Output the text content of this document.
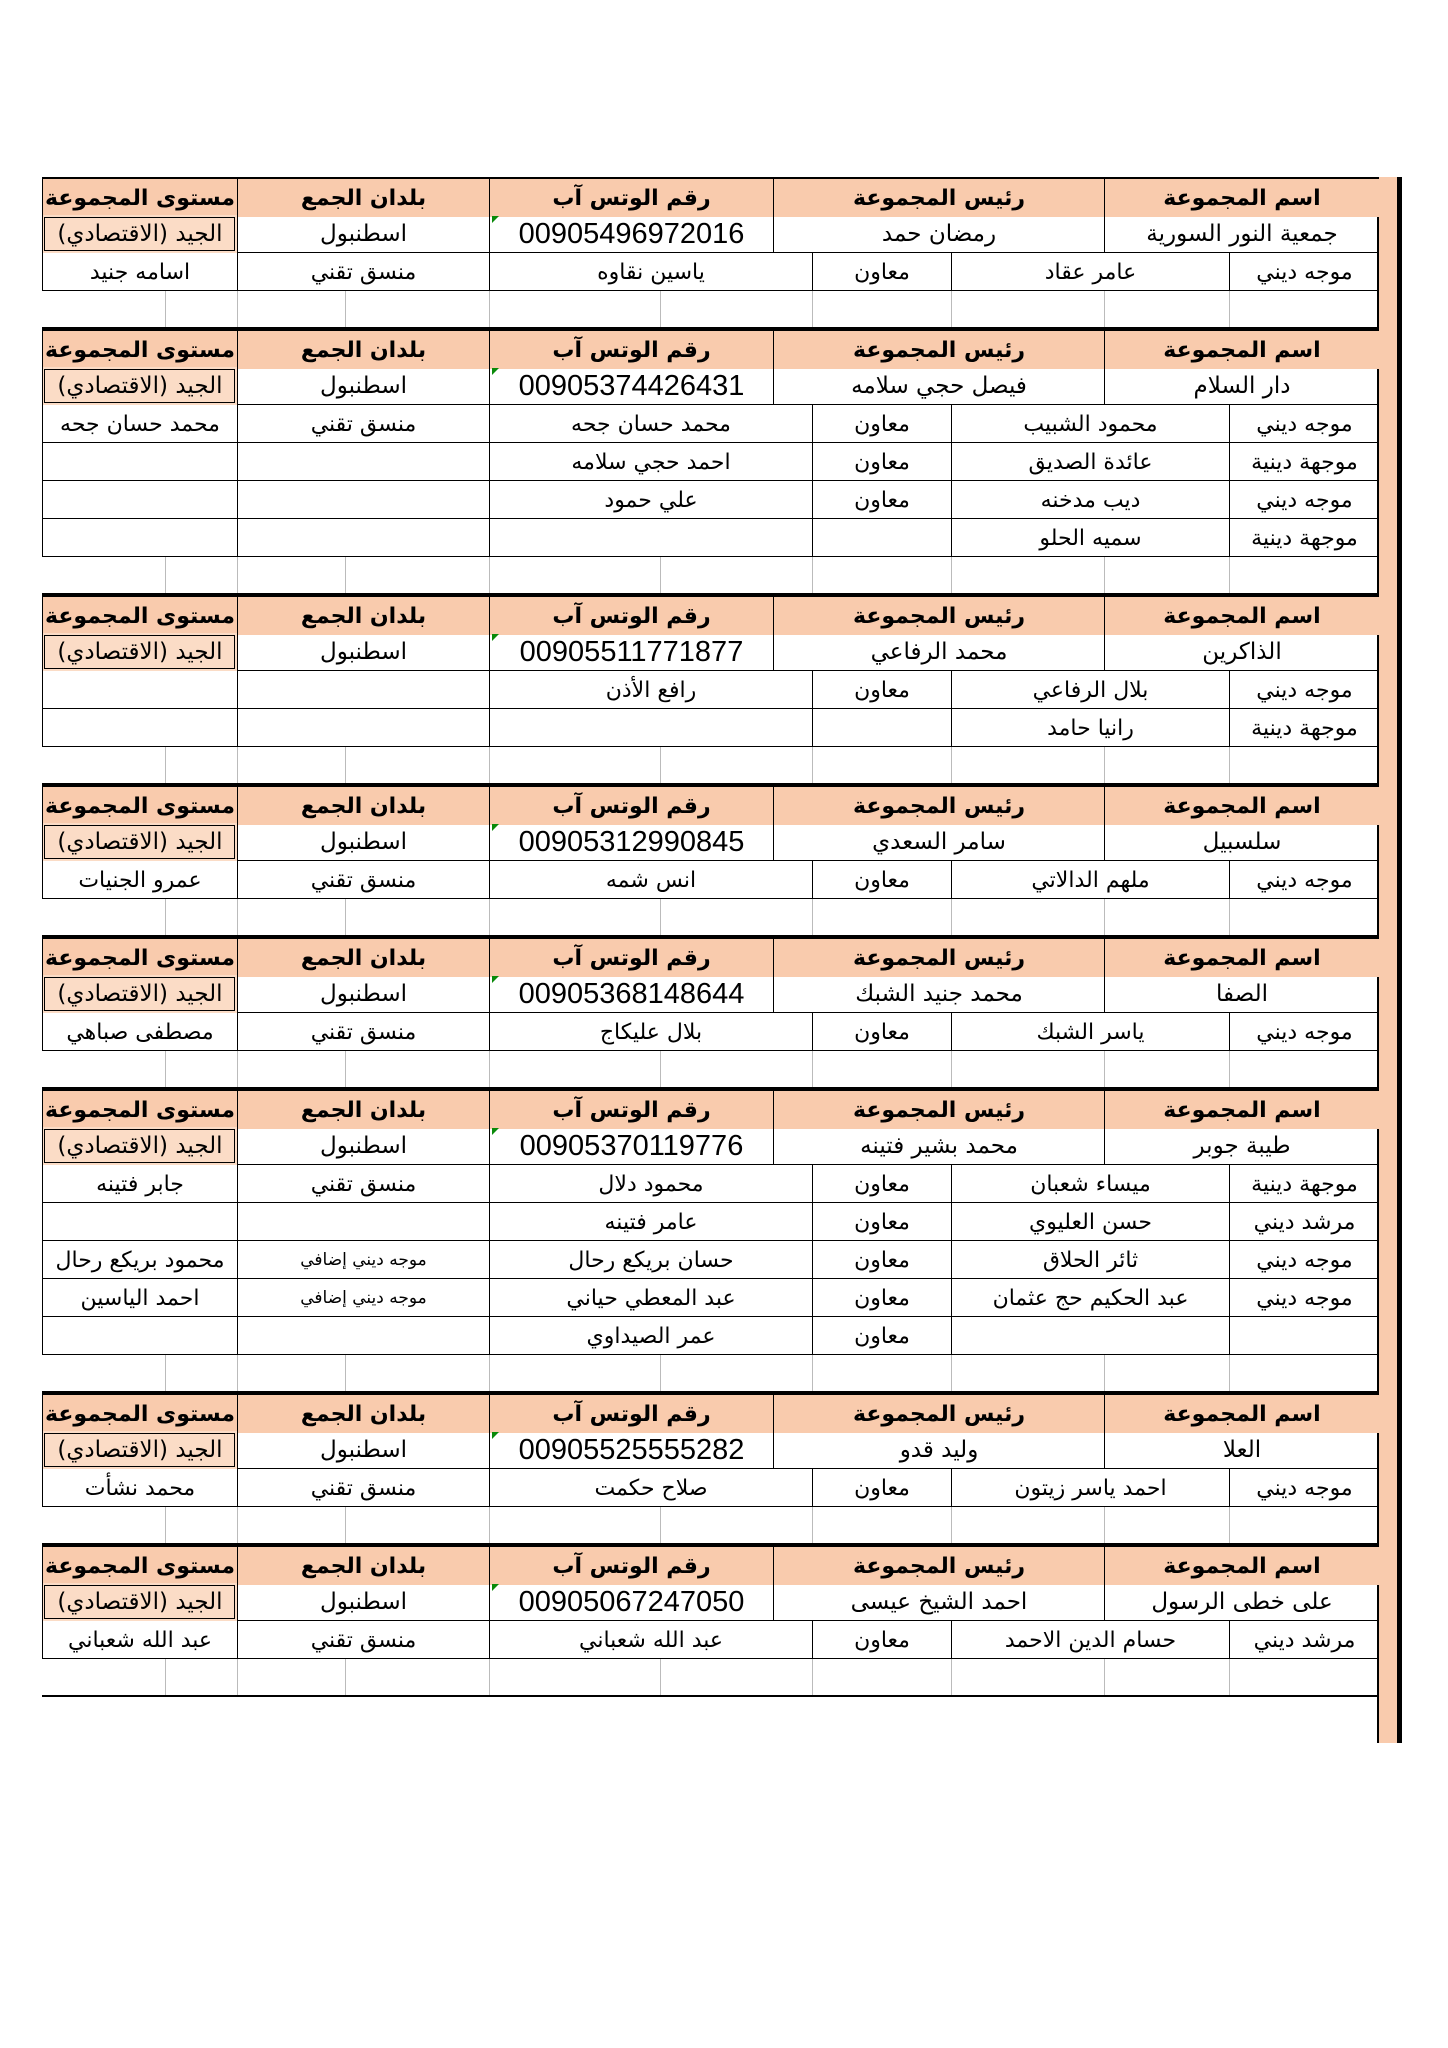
اسم المجموعة
رئيس المجموعة
رقم الوتس آب
بلدان الجمع
مستوى المجموعة
جمعية النور السورية
رمضان حمد
00905496972016
اسطنبول
الجيد (الاقتصادي)
موجه ديني
عامر عقاد
معاون
ياسين نقاوه
منسق تقني
اسامه جنيد
اسم المجموعة
رئيس المجموعة
رقم الوتس آب
بلدان الجمع
مستوى المجموعة
دار السلام
فيصل حجي سلامه
00905374426431
اسطنبول
الجيد (الاقتصادي)
موجه ديني
محمود الشبيب
معاون
محمد حسان جحه
منسق تقني
محمد حسان جحه
موجهة دينية
عائدة الصديق
معاون
احمد حجي سلامه
موجه ديني
ديب مدخنه
معاون
علي حمود
موجهة دينية
سميه الحلو
اسم المجموعة
رئيس المجموعة
رقم الوتس آب
بلدان الجمع
مستوى المجموعة
الذاكرين
محمد الرفاعي
00905511771877
اسطنبول
الجيد (الاقتصادي)
موجه ديني
بلال الرفاعي
معاون
رافع الأذن
موجهة دينية
رانيا حامد
اسم المجموعة
رئيس المجموعة
رقم الوتس آب
بلدان الجمع
مستوى المجموعة
سلسبيل
سامر السعدي
00905312990845
اسطنبول
الجيد (الاقتصادي)
موجه ديني
ملهم الدالاتي
معاون
انس شمه
منسق تقني
عمرو الجنيات
اسم المجموعة
رئيس المجموعة
رقم الوتس آب
بلدان الجمع
مستوى المجموعة
الصفا
محمد جنيد الشبك
00905368148644
اسطنبول
الجيد (الاقتصادي)
موجه ديني
ياسر الشبك
معاون
بلال عليكاج
منسق تقني
مصطفى صباهي
اسم المجموعة
رئيس المجموعة
رقم الوتس آب
بلدان الجمع
مستوى المجموعة
طيبة جوبر
محمد بشير فتينه
00905370119776
اسطنبول
الجيد (الاقتصادي)
موجهة دينية
ميساء شعبان
معاون
محمود دلال
منسق تقني
جابر فتينه
مرشد ديني
حسن العليوي
معاون
عامر فتينه
موجه ديني
ثائر الحلاق
معاون
حسان بريكع رحال
موجه ديني إضافي
محمود بريكع رحال
موجه ديني
عبد الحكيم حج عثمان
معاون
عبد المعطي حياني
موجه ديني إضافي
احمد الياسين
معاون
عمر الصيداوي
اسم المجموعة
رئيس المجموعة
رقم الوتس آب
بلدان الجمع
مستوى المجموعة
العلا
وليد قدو
00905525555282
اسطنبول
الجيد (الاقتصادي)
موجه ديني
احمد ياسر زيتون
معاون
صلاح حكمت
منسق تقني
محمد نشأت
اسم المجموعة
رئيس المجموعة
رقم الوتس آب
بلدان الجمع
مستوى المجموعة
على خطى الرسول
احمد الشيخ عيسى
00905067247050
اسطنبول
الجيد (الاقتصادي)
مرشد ديني
حسام الدين الاحمد
معاون
عبد الله شعباني
منسق تقني
عبد الله شعباني
